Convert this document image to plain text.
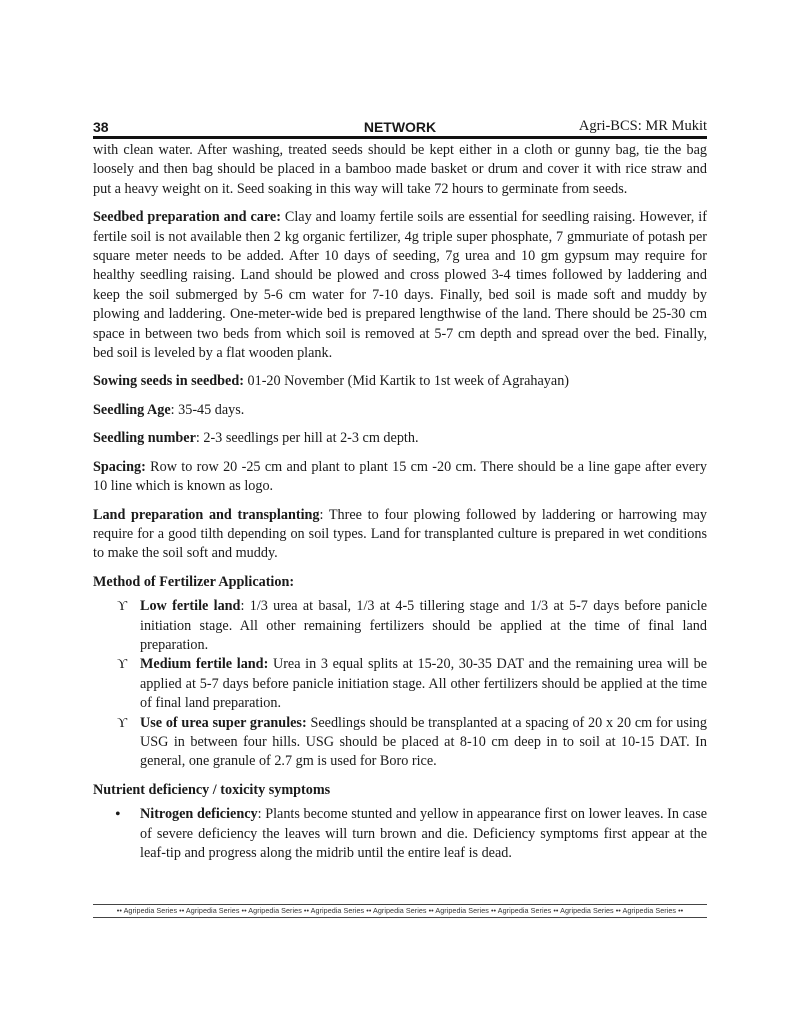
38	NETWORK	Agri-BCS: MR Mukit

with clean water. After washing, treated seeds should be kept either in a cloth or gunny bag, tie the bag loosely and then bag should be placed in a bamboo made basket or drum and cover it with rice straw and put a heavy weight on it. Seed soaking in this way will take 72 hours to germinate from seeds.

Seedbed preparation and care: Clay and loamy fertile soils are essential for seedling raising. However, if fertile soil is not available then 2 kg organic fertilizer, 4g triple super phosphate, 7 gmmuriate of potash per square meter needs to be added. After 10 days of seeding, 7g urea and 10 gm gypsum may require for healthy seedling raising. Land should be plowed and cross plowed 3-4 times followed by laddering and keep the soil submerged by 5-6 cm water for 7-10 days. Finally, bed soil is made soft and muddy by plowing and laddering. One-meter-wide bed is prepared lengthwise of the land. There should be 25-30 cm space in between two beds from which soil is removed at 5-7 cm depth and spread over the bed. Finally, bed soil is leveled by a flat wooden plank.

Sowing seeds in seedbed: 01-20 November (Mid Kartik to 1st week of Agrahayan)

Seedling Age: 35-45 days.

Seedling number: 2-3 seedlings per hill at 2-3 cm depth.

Spacing: Row to row 20 -25 cm and plant to plant 15 cm -20 cm. There should be a line gape after every 10 line which is known as logo.

Land preparation and transplanting: Three to four plowing followed by laddering or harrowing may require for a good tilth depending on soil types. Land for transplanted culture is prepared in wet conditions to make the soil soft and muddy.

Method of Fertilizer Application:

ϒ Low fertile land: 1/3 urea at basal, 1/3 at 4-5 tillering stage and 1/3 at 5-7 days before panicle initiation stage. All other remaining fertilizers should be applied at the time of final land preparation.
ϒ Medium fertile land: Urea in 3 equal splits at 15-20, 30-35 DAT and the remaining urea will be applied at 5-7 days before panicle initiation stage. All other fertilizers should be applied at the time of final land preparation.
ϒ Use of urea super granules: Seedlings should be transplanted at a spacing of 20 x 20 cm for using USG in between four hills. USG should be placed at 8-10 cm deep in to soil at 10-15 DAT. In general, one granule of 2.7 gm is used for Boro rice.

Nutrient deficiency / toxicity symptoms

• Nitrogen deficiency: Plants become stunted and yellow in appearance first on lower leaves. In case of severe deficiency the leaves will turn brown and die. Deficiency symptoms first appear at the leaf-tip and progress along the midrib until the entire leaf is dead.
•• Agripedia Series •• Agripedia Series •• Agripedia Series •• Agripedia Series •• Agripedia Series •• Agripedia Series •• Agripedia Series •• Agripedia Series •• Agripedia Series ••
